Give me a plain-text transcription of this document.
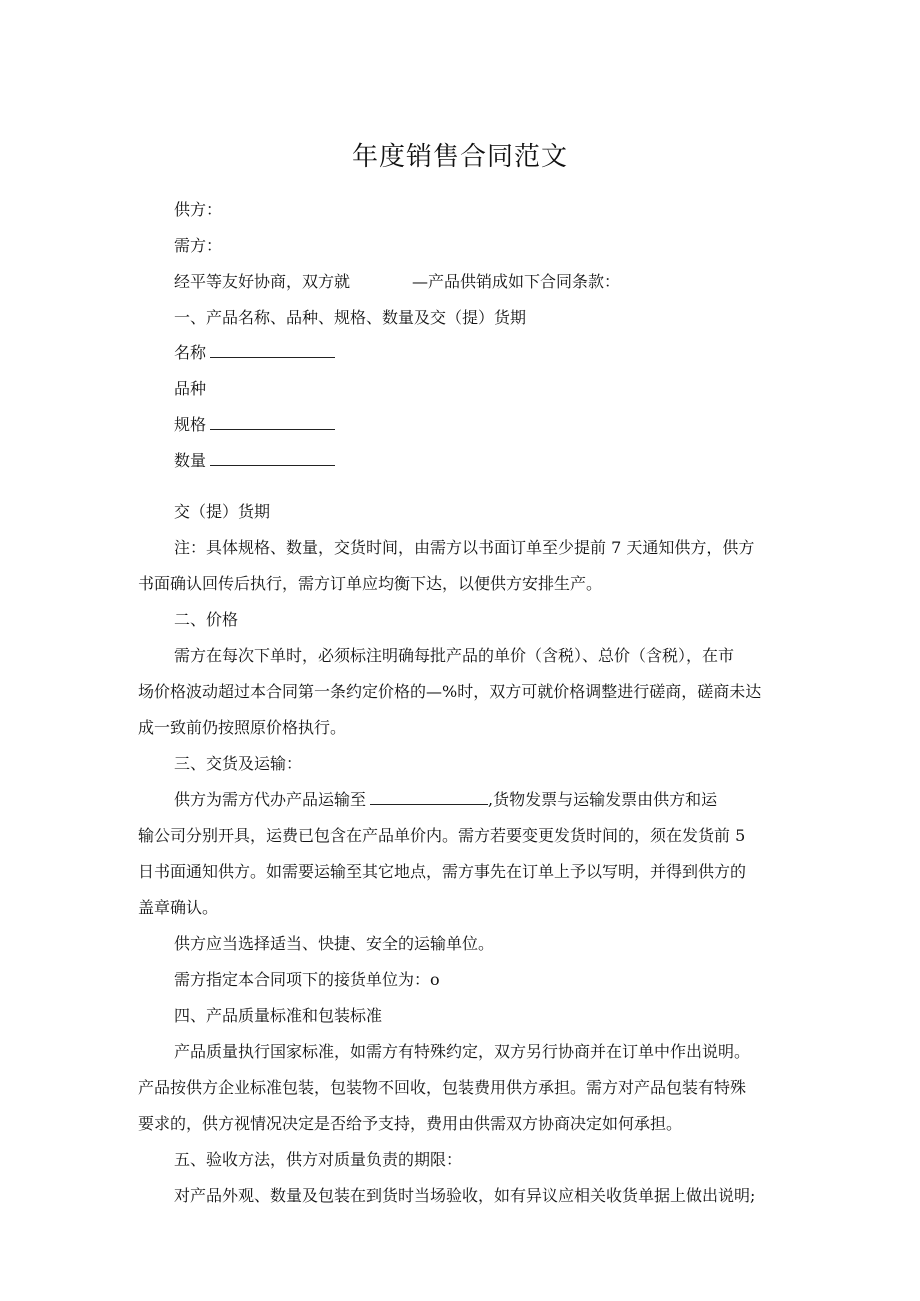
年度销售合同范文
供方：
需方：
经平等友好协商，双方就	—产品供销成如下合同条款：
一、产品名称、品种、规格、数量及交（提）货期
名称
品种
规格
数量
交（提）货期
注：具体规格、数量，交货时间，由需方以书面订单至少提前 7 天通知供方，供方
书面确认回传后执行，需方订单应均衡下达，以便供方安排生产。
二、价格
需方在每次下单时，必须标注明确每批产品的单价（含税）、总价（含税），在市
场价格波动超过本合同第一条约定价格的—%时，双方可就价格调整进行磋商，磋商未达
成一致前仍按照原价格执行。
三、交货及运输：
供方为需方代办产品运输至	,货物发票与运输发票由供方和运
输公司分别开具，运费已包含在产品单价内。需方若要变更发货时间的，须在发货前 5
日书面通知供方。如需要运输至其它地点，需方事先在订单上予以写明，并得到供方的
盖章确认。
供方应当选择适当、快捷、安全的运输单位。
需方指定本合同项下的接货单位为：o
四、产品质量标准和包装标准
产品质量执行国家标准，如需方有特殊约定，双方另行协商并在订单中作出说明。
产品按供方企业标准包装，包装物不回收，包装费用供方承担。需方对产品包装有特殊
要求的，供方视情况决定是否给予支持，费用由供需双方协商决定如何承担。
五、验收方法，供方对质量负责的期限：
对产品外观、数量及包装在到货时当场验收，如有异议应相关收货单据上做出说明;
